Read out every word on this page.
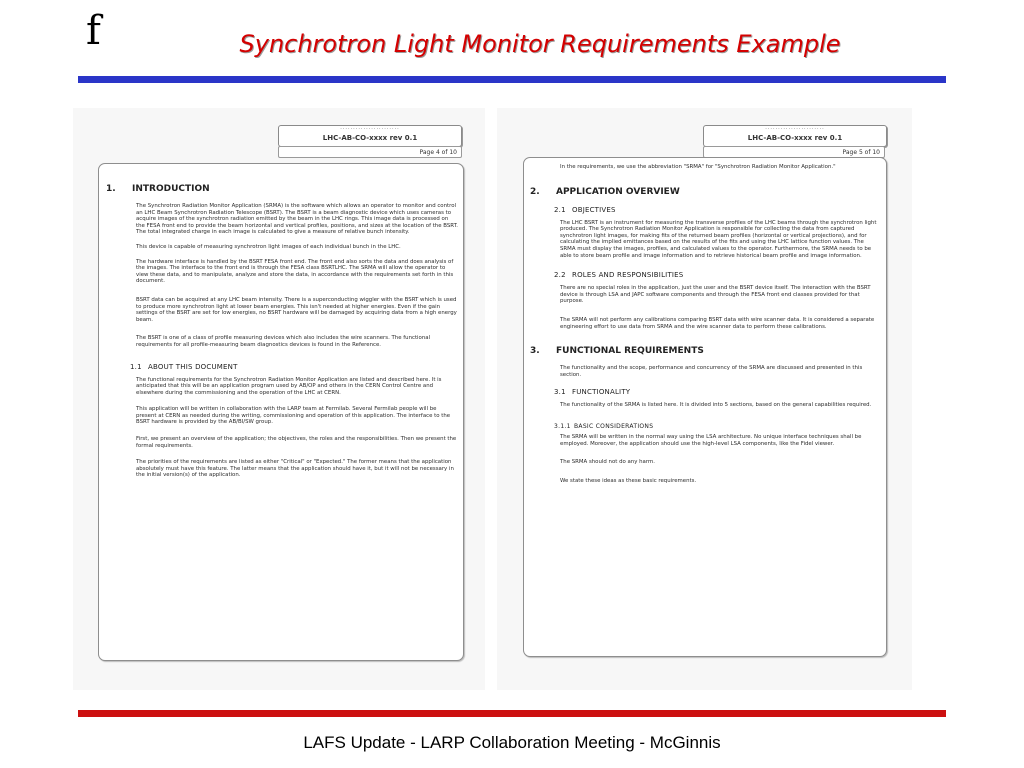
f	Synchrotron Light Monitor Requirements Example
·······················
LHC-AB-CO-xxxx rev 0.1
Page 4 of 10
1. INTRODUCTION
The Synchrotron Radiation Monitor Application (SRMA) is the software which allows an operator to monitor and control an LHC Beam Synchrotron Radiation Telescope (BSRT). The BSRT is a beam diagnostic device which uses cameras to acquire images of the synchrotron radiation emitted by the beam in the LHC rings. This image data is processed on the FESA front end to provide the beam horizontal and vertical profiles, positions, and sizes at the location of the BSRT. The total integrated charge in each image is calculated to give a measure of relative bunch intensity.
This device is capable of measuring synchrotron light images of each individual bunch in the LHC.
The hardware interface is handled by the BSRT FESA front end. The front end also sorts the data and does analysis of the images. The interface to the front end is through the FESA class BSRTLHC. The SRMA will allow the operator to view these data, and to manipulate, analyze and store the data, in accordance with the requirements set forth in this document.
BSRT data can be acquired at any LHC beam intensity. There is a superconducting wiggler with the BSRT which is used to produce more synchrotron light at lower beam energies. This isn't needed at higher energies. Even if the gain settings of the BSRT are set for low energies, no BSRT hardware will be damaged by acquiring data from a high energy beam.
The BSRT is one of a class of profile measuring devices which also includes the wire scanners. The functional requirements for all profile-measuring beam diagnostics devices is found in the Reference.
1.1 ABOUT THIS DOCUMENT
The functional requirements for the Synchrotron Radiation Monitor Application are listed and described here. It is anticipated that this will be an application program used by AB/OP and others in the CERN Control Centre and elsewhere during the commissioning and the operation of the LHC at CERN.
This application will be written in collaboration with the LARP team at Fermilab. Several Fermilab people will be present at CERN as needed during the writing, commissioning and operation of this application. The interface to the BSRT hardware is provided by the AB/BI/SW group.
First, we present an overview of the application; the objectives, the roles and the responsibilities. Then we present the formal requirements.
The priorities of the requirements are listed as either "Critical" or "Expected." The former means that the application absolutely must have this feature. The latter means that the application should have it, but it will not be necessary in the initial version(s) of the application.
·······················
LHC-AB-CO-xxxx rev 0.1
Page 5 of 10
In the requirements, we use the abbreviation "SRMA" for "Synchrotron Radiation Monitor Application."
2. APPLICATION OVERVIEW
2.1 OBJECTIVES
The LHC BSRT is an instrument for measuring the transverse profiles of the LHC beams through the synchrotron light produced. The Synchrotron Radiation Monitor Application is responsible for collecting the data from captured synchrotron light images, for making fits of the returned beam profiles (horizontal or vertical projections), and for calculating the implied emittances based on the results of the fits and using the LHC lattice function values. The SRMA must display the images, profiles, and calculated values to the operator. Furthermore, the SRMA needs to be able to store beam profile and image information and to retrieve historical beam profile and image information.
2.2 ROLES AND RESPONSIBILITIES
There are no special roles in the application, just the user and the BSRT device itself. The interaction with the BSRT device is through LSA and JAPC software components and through the FESA front end classes provided for that purpose.
The SRMA will not perform any calibrations comparing BSRT data with wire scanner data. It is considered a separate engineering effort to use data from SRMA and the wire scanner data to perform these calibrations.
3. FUNCTIONAL REQUIREMENTS
The functionality and the scope, performance and concurrency of the SRMA are discussed and presented in this section.
3.1 FUNCTIONALITY
The functionality of the SRMA is listed here. It is divided into 5 sections, based on the general capabilities required.
3.1.1 BASIC CONSIDERATIONS
The SRMA will be written in the normal way using the LSA architecture. No unique interface techniques shall be employed. Moreover, the application should use the high-level LSA components, like the Fidel viewer.
The SRMA should not do any harm.
We state these ideas as these basic requirements.
LAFS Update - LARP Collaboration Meeting - McGinnis
